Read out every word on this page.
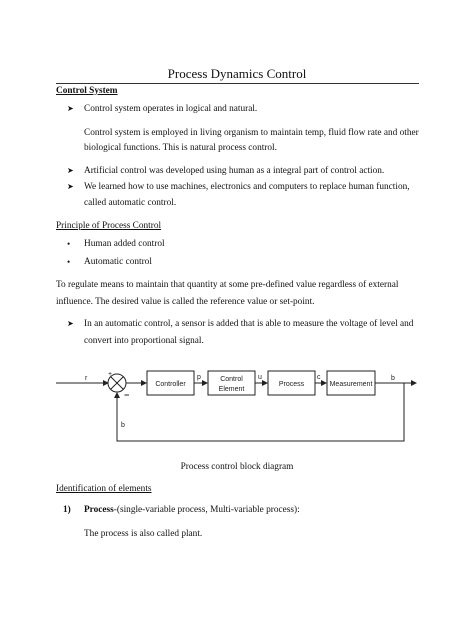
Process Dynamics Control
Control System
➤ Control system operates in logical and natural.
Control system is employed in living organism to maintain temp, fluid flow rate and other
biological functions. This is natural process control.
➤ Artificial control was developed using human as a integral part of control action.
➤ We learned how to use machines, electronics and computers to replace human function,
called automatic control.
Principle of Process Control
• Human added control
• Automatic control
To regulate means to maintain that quantity at some pre-defined value regardless of external
influence. The desired value is called the reference value or set-point.
➤ In an automatic control, a sensor is added that is able to measure the voltage of level and
convert into proportional signal.
r
+
−
Controller
p	Control
Element
u
Process
c
Measurement
b
b
Process control block diagram
Identification of elements
1) Process-(single-variable process, Multi-variable process):
The process is also called plant.
